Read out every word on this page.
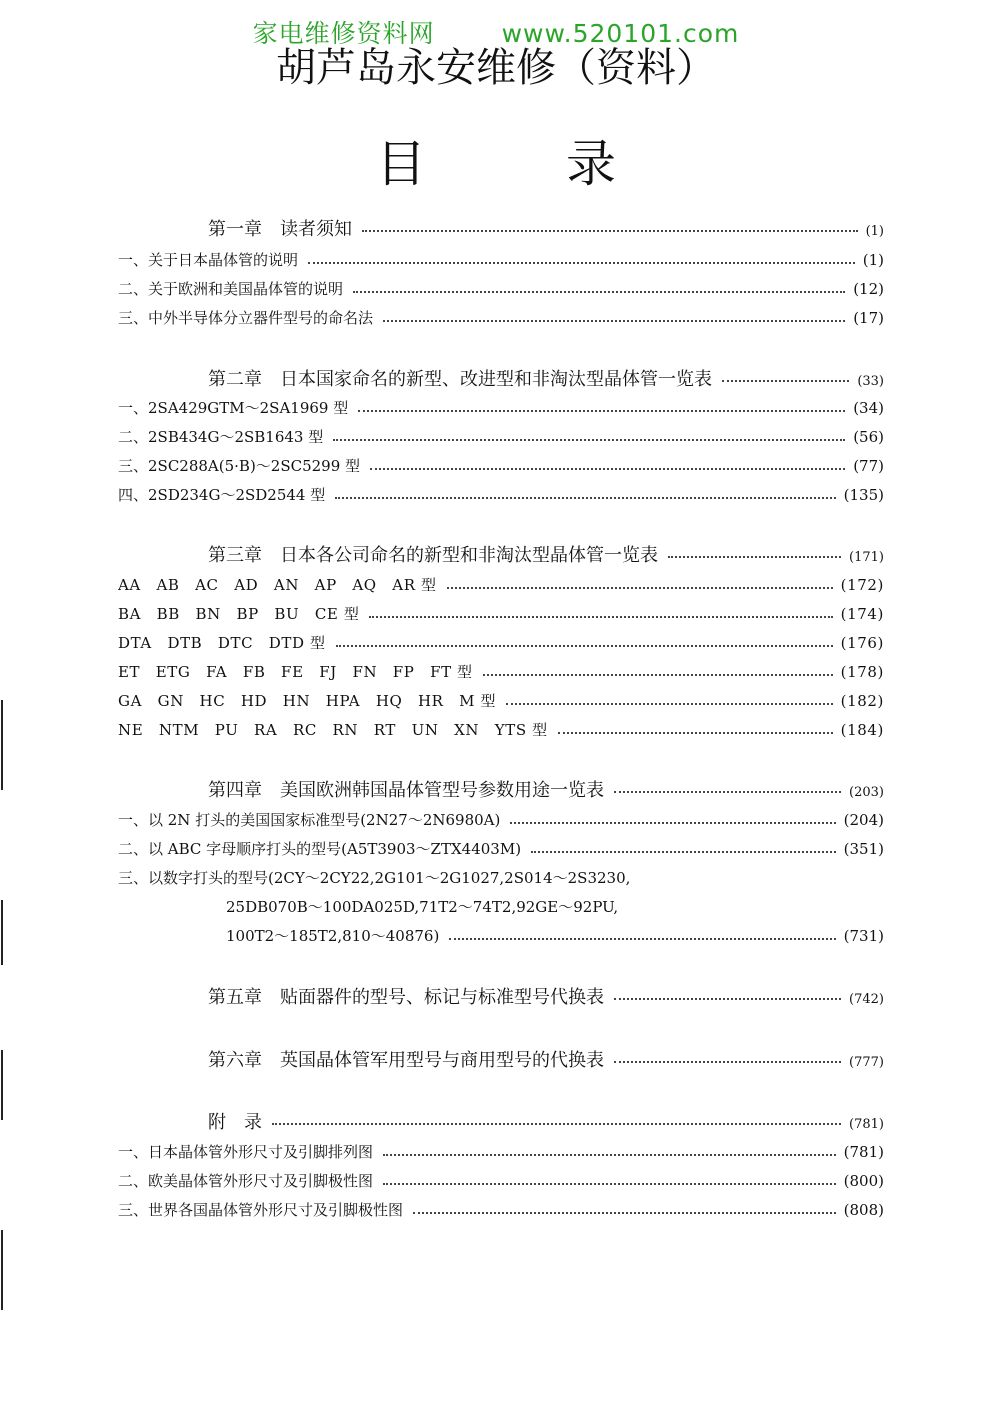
家电维修资料网	www.520101.com
胡芦岛永安维修（资料）
目	录
第一章　读者须知	(1)
一、关于日本晶体管的说明	(1)
二、关于欧洲和美国晶体管的说明	(12)
三、中外半导体分立器件型号的命名法	(17)
第二章　日本国家命名的新型、改进型和非淘汰型晶体管一览表	(33)
一、2SA429GTM～2SA1969 型	(34)
二、2SB434G～2SB1643 型	(56)
三、2SC288A(5·B)～2SC5299 型	(77)
四、2SD234G～2SD2544 型	(135)
第三章　日本各公司命名的新型和非淘汰型晶体管一览表	(171)
AA　AB　AC　AD　AN　AP　AQ　AR 型	(172)
BA　BB　BN　BP　BU　CE 型	(174)
DTA　DTB　DTC　DTD 型	(176)
ET　ETG　FA　FB　FE　FJ　FN　FP　FT 型	(178)
GA　GN　HC　HD　HN　HPA　HQ　HR　M 型	(182)
NE　NTM　PU　RA　RC　RN　RT　UN　XN　YTS 型	(184)
第四章　美国欧洲韩国晶体管型号参数用途一览表	(203)
一、以 2N 打头的美国国家标准型号(2N27～2N6980A)	(204)
二、以 ABC 字母顺序打头的型号(A5T3903～ZTX4403M)	(351)
三、以数字打头的型号(2CY～2CY22,2G101～2G1027,2S014～2S3230,
25DB070B～100DA025D,71T2～74T2,92GE～92PU,
100T2～185T2,810～40876)	(731)
第五章　贴面器件的型号、标记与标准型号代换表	(742)
第六章　英国晶体管军用型号与商用型号的代换表	(777)
附　录	(781)
一、日本晶体管外形尺寸及引脚排列图	(781)
二、欧美晶体管外形尺寸及引脚极性图	(800)
三、世界各国晶体管外形尺寸及引脚极性图	(808)
